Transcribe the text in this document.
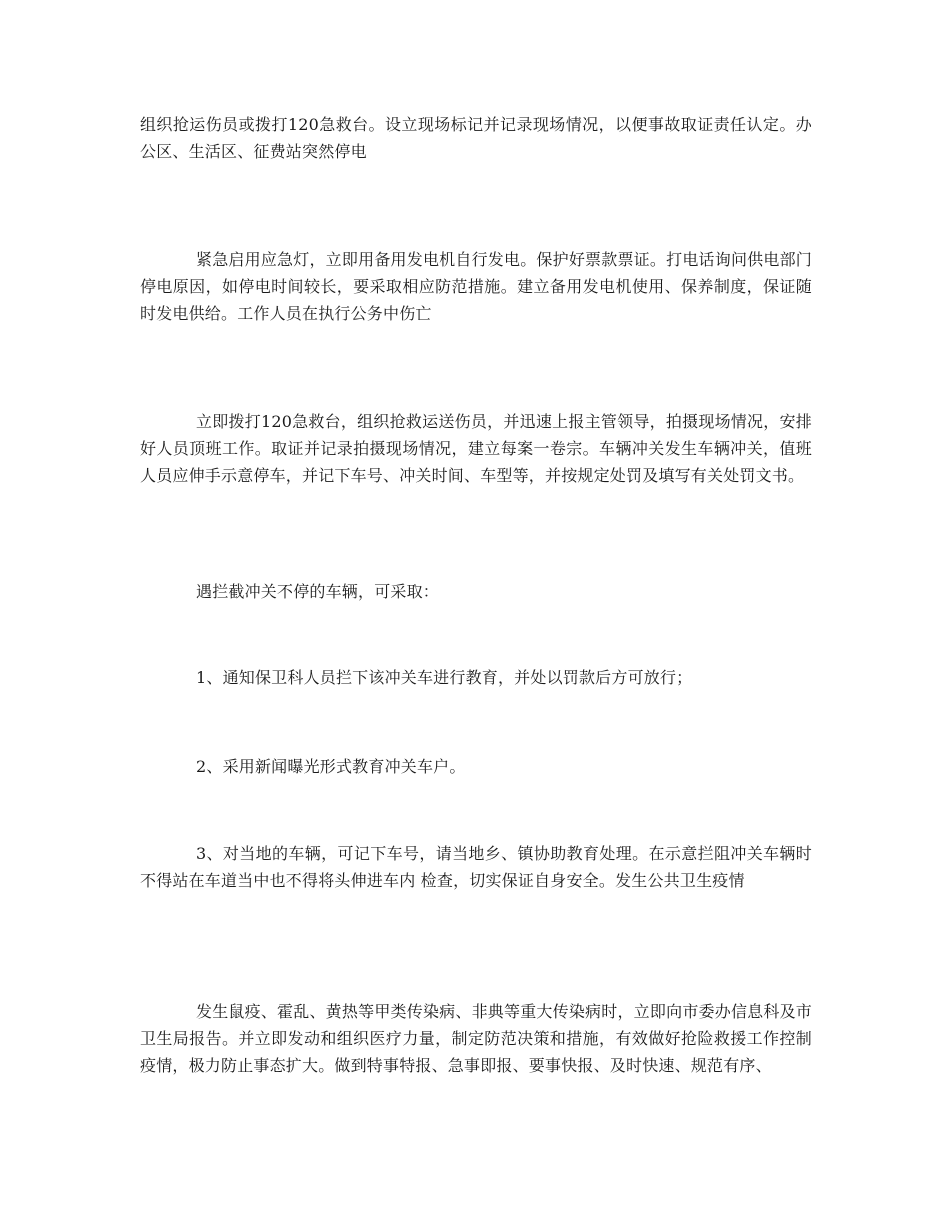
组织抢运伤员或拨打120急救台。设立现场标记并记录现场情况，以便事故取证责任认定。办公区、生活区、征费站突然停电

紧急启用应急灯，立即用备用发电机自行发电。保护好票款票证。打电话询问供电部门停电原因，如停电时间较长，要采取相应防范措施。建立备用发电机使用、保养制度，保证随时发电供给。工作人员在执行公务中伤亡

立即拨打120急救台，组织抢救运送伤员，并迅速上报主管领导，拍摄现场情况，安排好人员顶班工作。取证并记录拍摄现场情况，建立每案一卷宗。车辆冲关发生车辆冲关，值班人员应伸手示意停车，并记下车号、冲关时间、车型等，并按规定处罚及填写有关处罚文书。

遇拦截冲关不停的车辆，可采取：

1、通知保卫科人员拦下该冲关车进行教育，并处以罚款后方可放行；

2、采用新闻曝光形式教育冲关车户。

3、对当地的车辆，可记下车号，请当地乡、镇协助教育处理。在示意拦阻冲关车辆时不得站在车道当中也不得将头伸进车内 检查，切实保证自身安全。发生公共卫生疫情

发生鼠疫、霍乱、黄热等甲类传染病、非典等重大传染病时，立即向市委办信息科及市卫生局报告。并立即发动和组织医疗力量，制定防范决策和措施，有效做好抢险救援工作控制疫情，极力防止事态扩大。做到特事特报、急事即报、要事快报、及时快速、规范有序、
